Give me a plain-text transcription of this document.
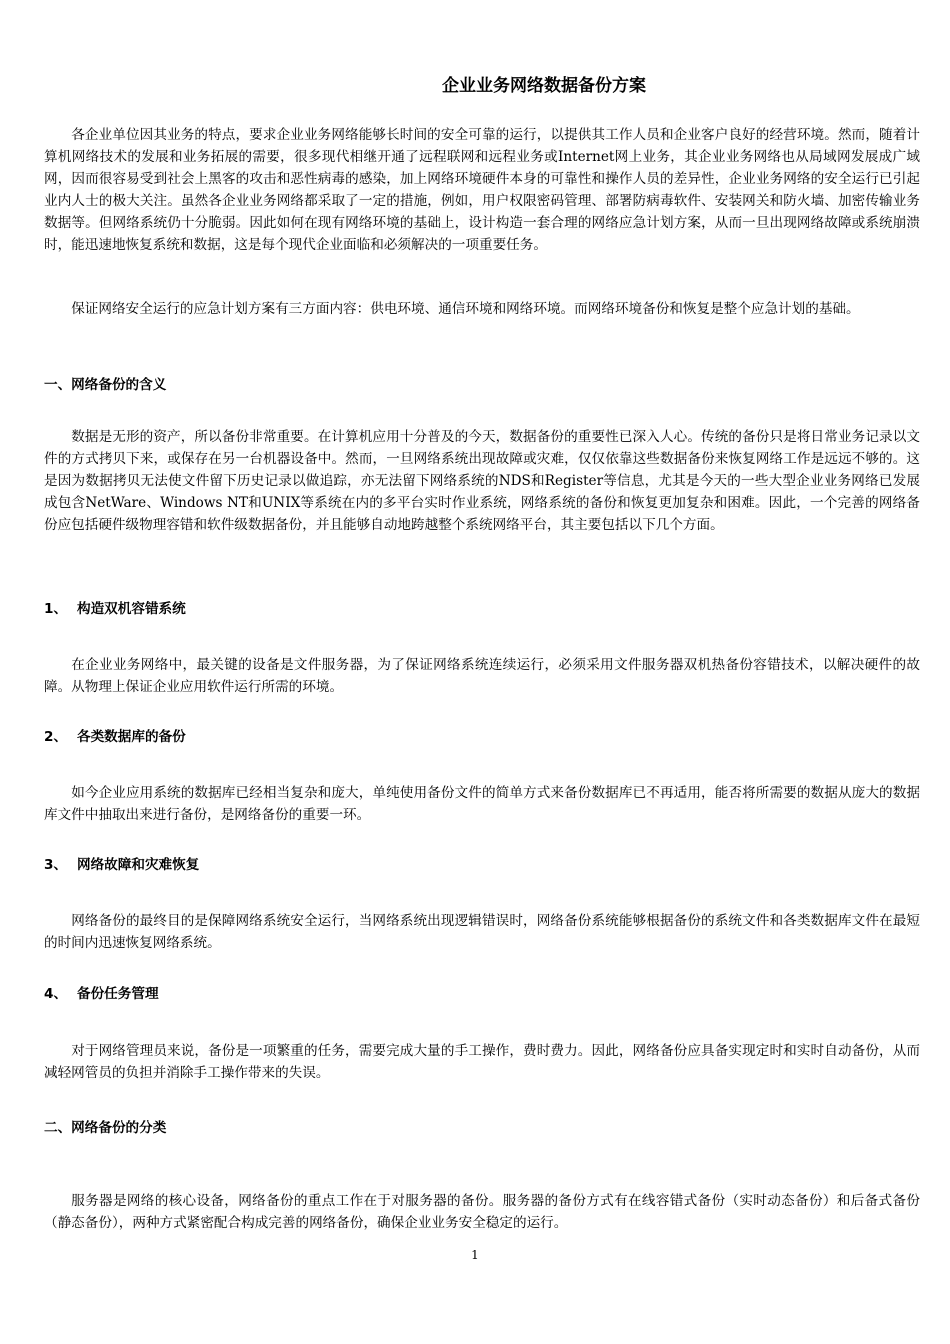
企业业务网络数据备份方案

各企业单位因其业务的特点，要求企业业务网络能够长时间的安全可靠的运行，以提供其工作人员和企业客户良好的经营环境。然而，随着计算机网络技术的发展和业务拓展的需要，很多现代相继开通了远程联网和远程业务或Internet网上业务，其企业业务网络也从局域网发展成广域网，因而很容易受到社会上黑客的攻击和恶性病毒的感染，加上网络环境硬件本身的可靠性和操作人员的差异性，企业业务网络的安全运行已引起业内人士的极大关注。虽然各企业业务网络都采取了一定的措施，例如，用户权限密码管理、部署防病毒软件、安装网关和防火墙、加密传输业务数据等。但网络系统仍十分脆弱。因此如何在现有网络环境的基础上，设计构造一套合理的网络应急计划方案，从而一旦出现网络故障或系统崩溃时，能迅速地恢复系统和数据，这是每个现代企业面临和必须解决的一项重要任务。

保证网络安全运行的应急计划方案有三方面内容：供电环境、通信环境和网络环境。而网络环境备份和恢复是整个应急计划的基础。

一、网络备份的含义

数据是无形的资产，所以备份非常重要。在计算机应用十分普及的今天，数据备份的重要性已深入人心。传统的备份只是将日常业务记录以文件的方式拷贝下来，或保存在另一台机器设备中。然而，一旦网络系统出现故障或灾难，仅仅依靠这些数据备份来恢复网络工作是远远不够的。这是因为数据拷贝无法使文件留下历史记录以做追踪，亦无法留下网络系统的NDS和Register等信息，尤其是今天的一些大型企业业务网络已发展成包含NetWare、Windows NT和UNIX等系统在内的多平台实时作业系统，网络系统的备份和恢复更加复杂和困难。因此，一个完善的网络备份应包括硬件级物理容错和软件级数据备份，并且能够自动地跨越整个系统网络平台，其主要包括以下几个方面。

1、 构造双机容错系统

在企业业务网络中，最关键的设备是文件服务器，为了保证网络系统连续运行，必须采用文件服务器双机热备份容错技术，以解决硬件的故障。从物理上保证企业应用软件运行所需的环境。

2、 各类数据库的备份

如今企业应用系统的数据库已经相当复杂和庞大，单纯使用备份文件的简单方式来备份数据库已不再适用，能否将所需要的数据从庞大的数据库文件中抽取出来进行备份，是网络备份的重要一环。

3、 网络故障和灾难恢复

网络备份的最终目的是保障网络系统安全运行，当网络系统出现逻辑错误时，网络备份系统能够根据备份的系统文件和各类数据库文件在最短的时间内迅速恢复网络系统。

4、 备份任务管理

对于网络管理员来说，备份是一项繁重的任务，需要完成大量的手工操作，费时费力。因此，网络备份应具备实现定时和实时自动备份，从而减轻网管员的负担并消除手工操作带来的失误。

二、网络备份的分类

服务器是网络的核心设备，网络备份的重点工作在于对服务器的备份。服务器的备份方式有在线容错式备份（实时动态备份）和后备式备份（静态备份），两种方式紧密配合构成完善的网络备份，确保企业业务安全稳定的运行。

1
